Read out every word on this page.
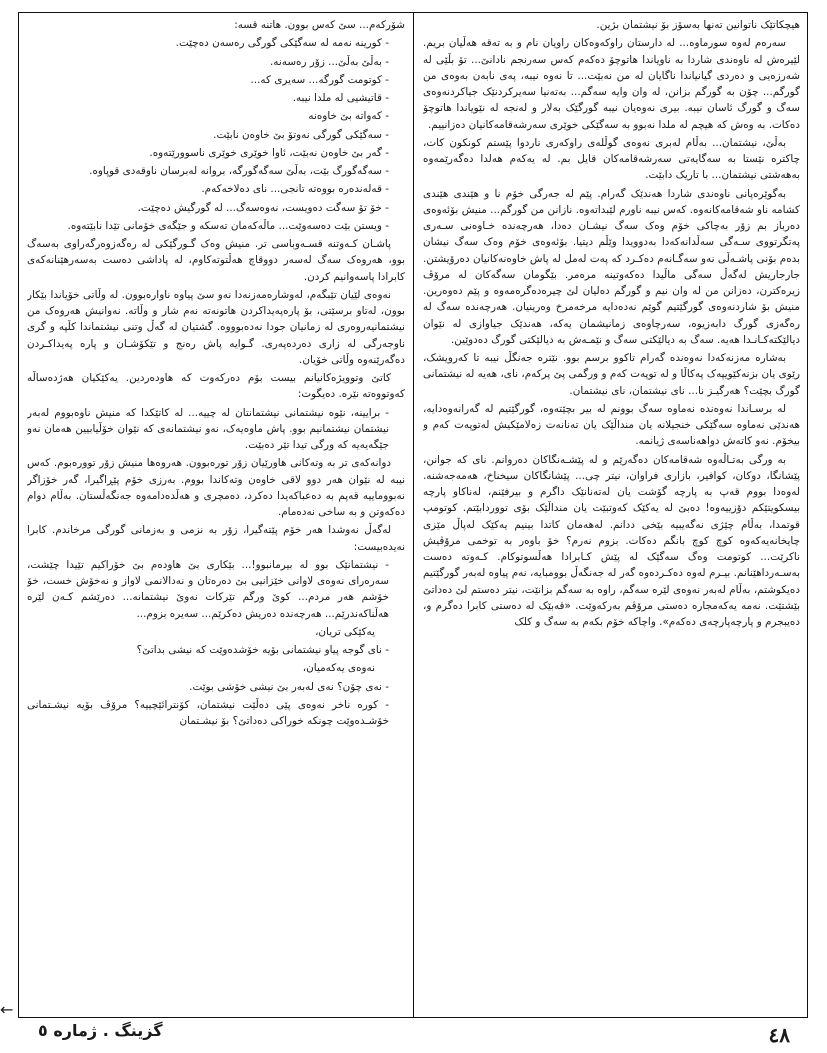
هیچکاتێک ناتوانین تەنها بەسۆز بۆ نیشتمان بژین.

سەرەم لەوە سورماوە... لە دارستان راوکەوەکان راویان نام و بە تەقە هەڵیان بریم. لێیرەش لە ناوەندی شاردا بە ناویاندا هاتوچۆ دەکەم کەس سەرنجم نادانێ... تۆ بڵێی لە شەرزەیی و دەردی گیانیاندا ناگایان لە من نەبێت... تا نەوە نیبە، پەی نابەن بەوەی من گورگم... چۆن بە گورگم بزانن، لە وان وایە سەگم... بەتەنیا سەیرکردنێک جیاکردنەوەی سەگ و گورگ ئاسان نیبە. بیری نەوەیان نیبە گورگێک بەلار و لەنجە لە نێویاندا هاتوچۆ دەکات. بە وەش کە هیچم لە ملدا نەبوو بە سەگێکی خوێری سەرشەقامەکانیان دەزانییم.

بەڵێ، نیشتمان... بەڵام لەبری نەوەی گوڵلەی راوکەری ناردوا پێستم کونکون کات، چاکترە نێستا بە سەگایەتی سەرشەقامەکان قایل بم. لە یەکەم هەلدا دەگەرێمەوە بەهەشتی نیشتمان... با تاریک دابێت.

بەگوێرەپانی ناوەندی شاردا هەندێک گەرام. پێم لە جەرگی خۆم نا و هێندی هێندی کشامە ناو شەقامەکانەوە. کەس نیبە ناورم لێبداتەوە. نازانن من گورگم... منیش بۆئەوەی دەرباز بم زۆر بەچاکی خۆم وەک سەگ نیشـان دەدا، هەرچەندە خـاوەنی سـەری پەتگرتووی سـەگی سەڵدانەکەدا بەدوویدا وێڵم دیتیا. بۆئەوەی خۆم وەک سەگ نیشان بدەم بۆنی پاشـەڵی نەو سەگـانەم دەکـرد کە پەت لەمل لە پاش خاوەنەکانیان دەرۆیشتن. جارجاریش لەگەڵ سەگی ماڵیدا دەکەوتینە مرەمر. بێگومان سەگەکان لە مرۆڤ زیرەکترن، دەزانن من لە وان نیم و گورگم دەلیان لێ چیرەدەگرەمەوە و پێم دەوەرین. منیش بۆ شاردنەوەی گورگێتیم گوێم نەدەدایە مرخەمرخ وەرینیان. هەرچەندە سەگ لە رەگەزی گورگ دابەزیوە، سەرچاوەی زمانیشمان یەکە، هەندێک جیاوازی لە نێوان دیالێکتەکـانـدا هەیە. سەگ بە دیالێکتی سەگ و نێمـەش بە دیالێکتی گورگ دەدوێین.

بەشارە مەزنەکەدا نەوەندە گەرام تاکوو برسم بوو. نێترە جەنگڵ نیبە تا کەرویشک، رێوی یان بزنەکێویپەک پەکاڵا و لە توپەت کەم و ورگمی پێ پرکەم، نای، هەیە لە نیشتمانی گورگ بچێت؟ هەرگیـز نا... نای نیشتمان، نای نیشتمان.

لە برسـاندا نەوەندە نەماوە سەگ بوونم لە بیر بچێتەوە، گورگێتیم لە گەرانەوەدایە، هەندێی نەماوە سەگێکی خنجیلانە یان منداڵێک یان تەنانەت زەلامێکیش لەتوپەت کەم و بیخۆم. نەو کاتەش دواهەناسەی ژیانمە.

بە ورگی بەتـاڵەوە شەقامەکان دەگەرێم و لە پێشـەنگاکان دەروانم. نای کە جوانن، پێشانگا، دوکان، کوافیر، بازاری فراوان، نیتر چی... پێشانگاکان سیخناخ، هەمەجەشنە. لەوەدا بووم قەپ بە پارچە گۆشت یان لەتەنانێک داگرم و بیرفێنم، لەناکاو پارچە بیسکویتێکم دۆزییەوە! دەبێ لە یەکێک کەوتبێت یان منداڵێک بۆی تووردابێتم. کوتومپ قوتمدا، بەڵام چێژی نەگەیبیە بێخی ددانم. لەهەمان کاتدا بینیم یەکێک لەپاڵ مێزی چایخانەیەکەوە کوچ کوچ بانگم دەکات. بزوم نەرم؟ خۆ باوەر بە توخمی مرۆڤیش ناکرێت... کوتومت وەگ سەگێک لە پێش کـابرادا هەڵسوتوکام. کـەوتە دەست بەسـەرداهێنانم. بیـرم لەوە دەکـردەوە گەر لە جەنگەڵ بوومبایە، نەم پیاوە لەبەر گورگێتیم دەیکوشتم، بەڵام لەبەر نەوەی لێرە سەگم، راوە بە سەگم بزانێت، نیتر دەستم لێ دەداتێ بێشتێت. نەمە یەکەمجارە دەستی مرۆڤم بەرکەوێت. «قەبێک لە دەستی کابرا دەگرم و، دەیبجرم و پارچەپارچەی دەکەم». واچاکە خۆم بکەم بە سەگ و کلک

شۆرکەم... سێ کەس بوون. هاتنە قسە:

- کورینە نەمە لە سەگێکی گورگی رەسەن دەچێت.

- بەڵێ بەڵێ... زۆر رەسەنە.

- کوتومت گورگە... سەیری کە...

- قاتیشیی لە ملدا نیبە.

- کەواتە بێ خاوەنە

- سەگێکی گورگی نەوتۆ بێ خاوەن نابێت.

- گەر بێ خاوەن نەبێت، ئاوا خوێری خوێری ناسوورێتەوە.

- سەگەگورگ بێت، بەڵێ سەگەگورگە، بروانە لەبرسان ناوقەدی قوپاوە.

- قەلەندەرە بووەتە تانجی... نای دەلاخەکەم.

- خۆ تۆ سەگت دەویست، نەوەسەگ... لە گورگیش دەچێت.

- ویستن بێت دەسەوێت... ماڵەکەمان تەسکە و جێگەی خۆمانی تێدا نابێتەوە.

پاشـان کـەوتنە قسـەوباسی تر. منیش وەک گـورگێکی لە رەگەزوەرگەراوی بەسەگ بوو، هەروەک سەگ لەسەر دووقاچ هەڵتوتەکاوم، لە پاداشی دەست بەسەرهێنانەکەی کابرادا پاسەوانیم کردن.

نەوەی لێیان تێبگەم، لەوشارەمەزنەدا نەو سێ پیاوە ناوارەبوون. لە وڵاتی خۆیاندا بێکار بوون، لەتاو برسێتی، بۆ پارەپەیداکردن هاتونەتە نەم شار و وڵاتە. نەوانیش هەروەک من نیشتمانیەروەری لە زمانیان جودا نەدەبوووە. گشتیان لە گەڵ وتنی نیشتماندا کڵپە و گری ناوجەرگی لە زاری دەردەپەری. گـوایە پاش رەنج و تێکۆشـان و پارە پەیداکـردن دەگەرێنەوە وڵاتی خۆیان.

کاتێ وتوویژەکانیانم بیست بۆم دەرکەوت کە هاودەردین. یەکێکیان هەژدەساڵە کەوتووەتە نێرە. دەیگوت:

- برایینە، نێوە نیشتمانی نیشتمانتان لە چییە... لە کاتێکدا کە منیش ناوەبووم لەبەر نیشتمان نیشتمانیم بوو. پاش ماوەیەک، نەو نیشتمانەی کە نێوان خۆڵیابیین هەمان نەو جێگەیەیە کە ورگی تیدا تێر دەبێت.

دوانەکەی تر بە وتەکانی هاورێیان زۆر تورەبوون. هەروەها منیش زۆر توورەبوم. کەس نیبە لە نێوان هەر دوو لاقی خاوەن وتەکاندا بووم. بەرزی خۆم پێڕاگیرا، گەر خۆزاگر نەبووماییە قەپم بە دەعباکەیدا دەکرد، دەمچری و هەڵدەدامەوە جەنگەڵستان. بەڵام دوام دەکەوتن و بە ساخی نەدەمام.

لەگەڵ نەوشدا هەر خۆم پێتەگیرا، زۆر بە نزمی و بەزمانی گورگی مرخاندم. کابرا نەیدەبیست:

- نیشتمانێک بوو لە بیرمانبوو!... بێکاری بێ هاودەم بێ خۆراکیم تێیدا چێشت، سەرەرای نەوەی لاوانی خێزانیی بێ دەرەتان و نەدالانمی لاواز و نەخۆش خست، خۆ خۆشم هەر مردم... کوێ ورگم تێرکات نەوێ نیشتمانە... دەرێشم کـەن لێرە هەڵناکەندرێم... هەرچەندە دەریش دەکرێم... سەیرە بزوم...

یەکێکی تریان،

- نای گوجە پیاو نیشتمانی بۆیە خۆشدەوێت کە نیشی بداتێ؟

نەوەی یەکەمیان،

- نەی چۆن؟ نەی لەبەر بێ نیشی خۆشی بوێت.

- کورە ناخر نەوەی پێی دەڵێت نیشتمان، کۆنترائێچییە؟ مرۆڤ بۆیە نیشـتمانی خۆشـدەوێت چونکە خوراکی دەداتێ؟ بۆ نیشـتمان

←
گزینگ . ژمارە ٥	٤٨
